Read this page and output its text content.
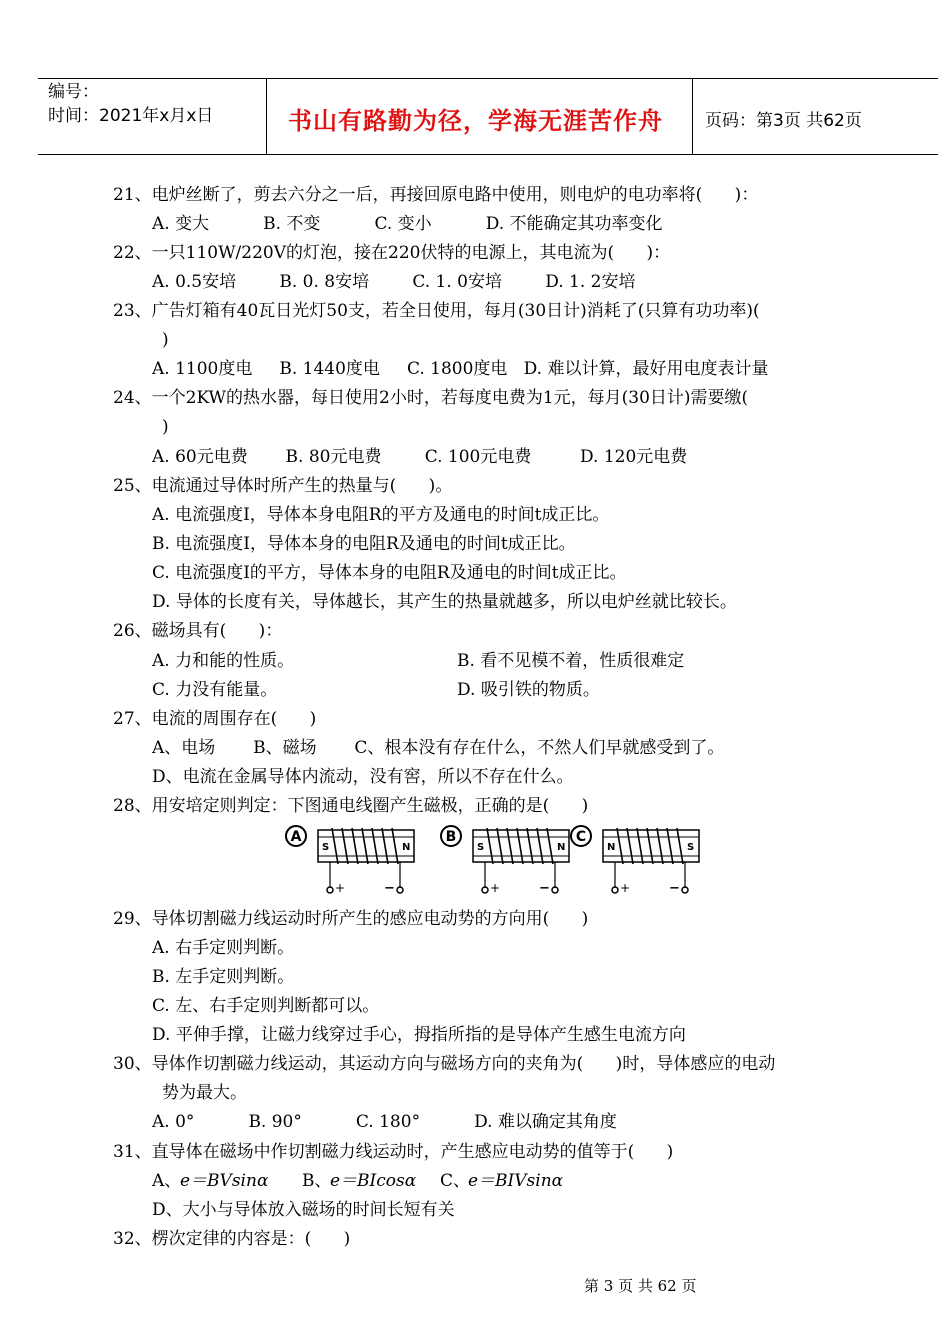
编号：
时间：2021年x月x日	书山有路勤为径，学海无涯苦作舟 页码：第3页 共62页
21、电炉丝断了，剪去六分之一后，再接回原电路中使用，则电炉的电功率将(      )：
A. 变大          B. 不变          C. 变小          D. 不能确定其功率变化
22、一只110W/220V的灯泡，接在220伏特的电源上，其电流为(      )：
A. 0.5安培        B. 0. 8安培        C. 1. 0安培        D. 1. 2安培
23、广告灯箱有40瓦日光灯50支，若全日使用，每月(30日计)消耗了(只算有功功率)(
)
A. 1100度电     B. 1440度电     C. 1800度电   D. 难以计算，最好用电度表计量
24、一个2KW的热水器，每日使用2小时，若每度电费为1元，每月(30日计)需要缴(
)
A. 60元电费       B. 80元电费        C. 100元电费         D. 120元电费
25、电流通过导体时所产生的热量与(      )。
A. 电流强度I，导体本身电阻R的平方及通电的时间t成正比。
B. 电流强度I，导体本身的电阻R及通电的时间t成正比。
C. 电流强度I的平方，导体本身的电阻R及通电的时间t成正比。
D. 导体的长度有关，导体越长，其产生的热量就越多，所以电炉丝就比较长。
26、磁场具有(      )：
A. 力和能的性质。	B. 看不见模不着，性质很难定
C. 力没有能量。	D. 吸引铁的物质。
27、电流的周围存在(      )
A、电场       B、磁场       C、根本没有存在什么，不然人们早就感受到了。
D、电流在金属导体内流动，没有窖，所以不存在什么。
28、用安培定则判定：下图通电线圈产生磁极，正确的是(      )
A
S	N
+	−
B
S	N
+	−
C
N	S
+	−
29、导体切割磁力线运动时所产生的感应电动势的方向用(      )
A. 右手定则判断。
B. 左手定则判断。
C. 左、右手定则判断都可以。
D. 平伸手撑，让磁力线穿过手心，拇指所指的是导体产生感生电流方向
30、导体作切割磁力线运动，其运动方向与磁场方向的夹角为(      )时，导体感应的电动
势为最大。
A. 0°          B. 90°          C. 180°          D. 难以确定其角度
31、直导体在磁场中作切割磁力线运动时，产生感应电动势的值等于(      )
A、
e＝BVsinα B、
e＝BIcosα C、
e＝BIVsinα
D、大小与导体放入磁场的时间长短有关
32、楞次定律的内容是：(      )
第 3 页 共 62 页
